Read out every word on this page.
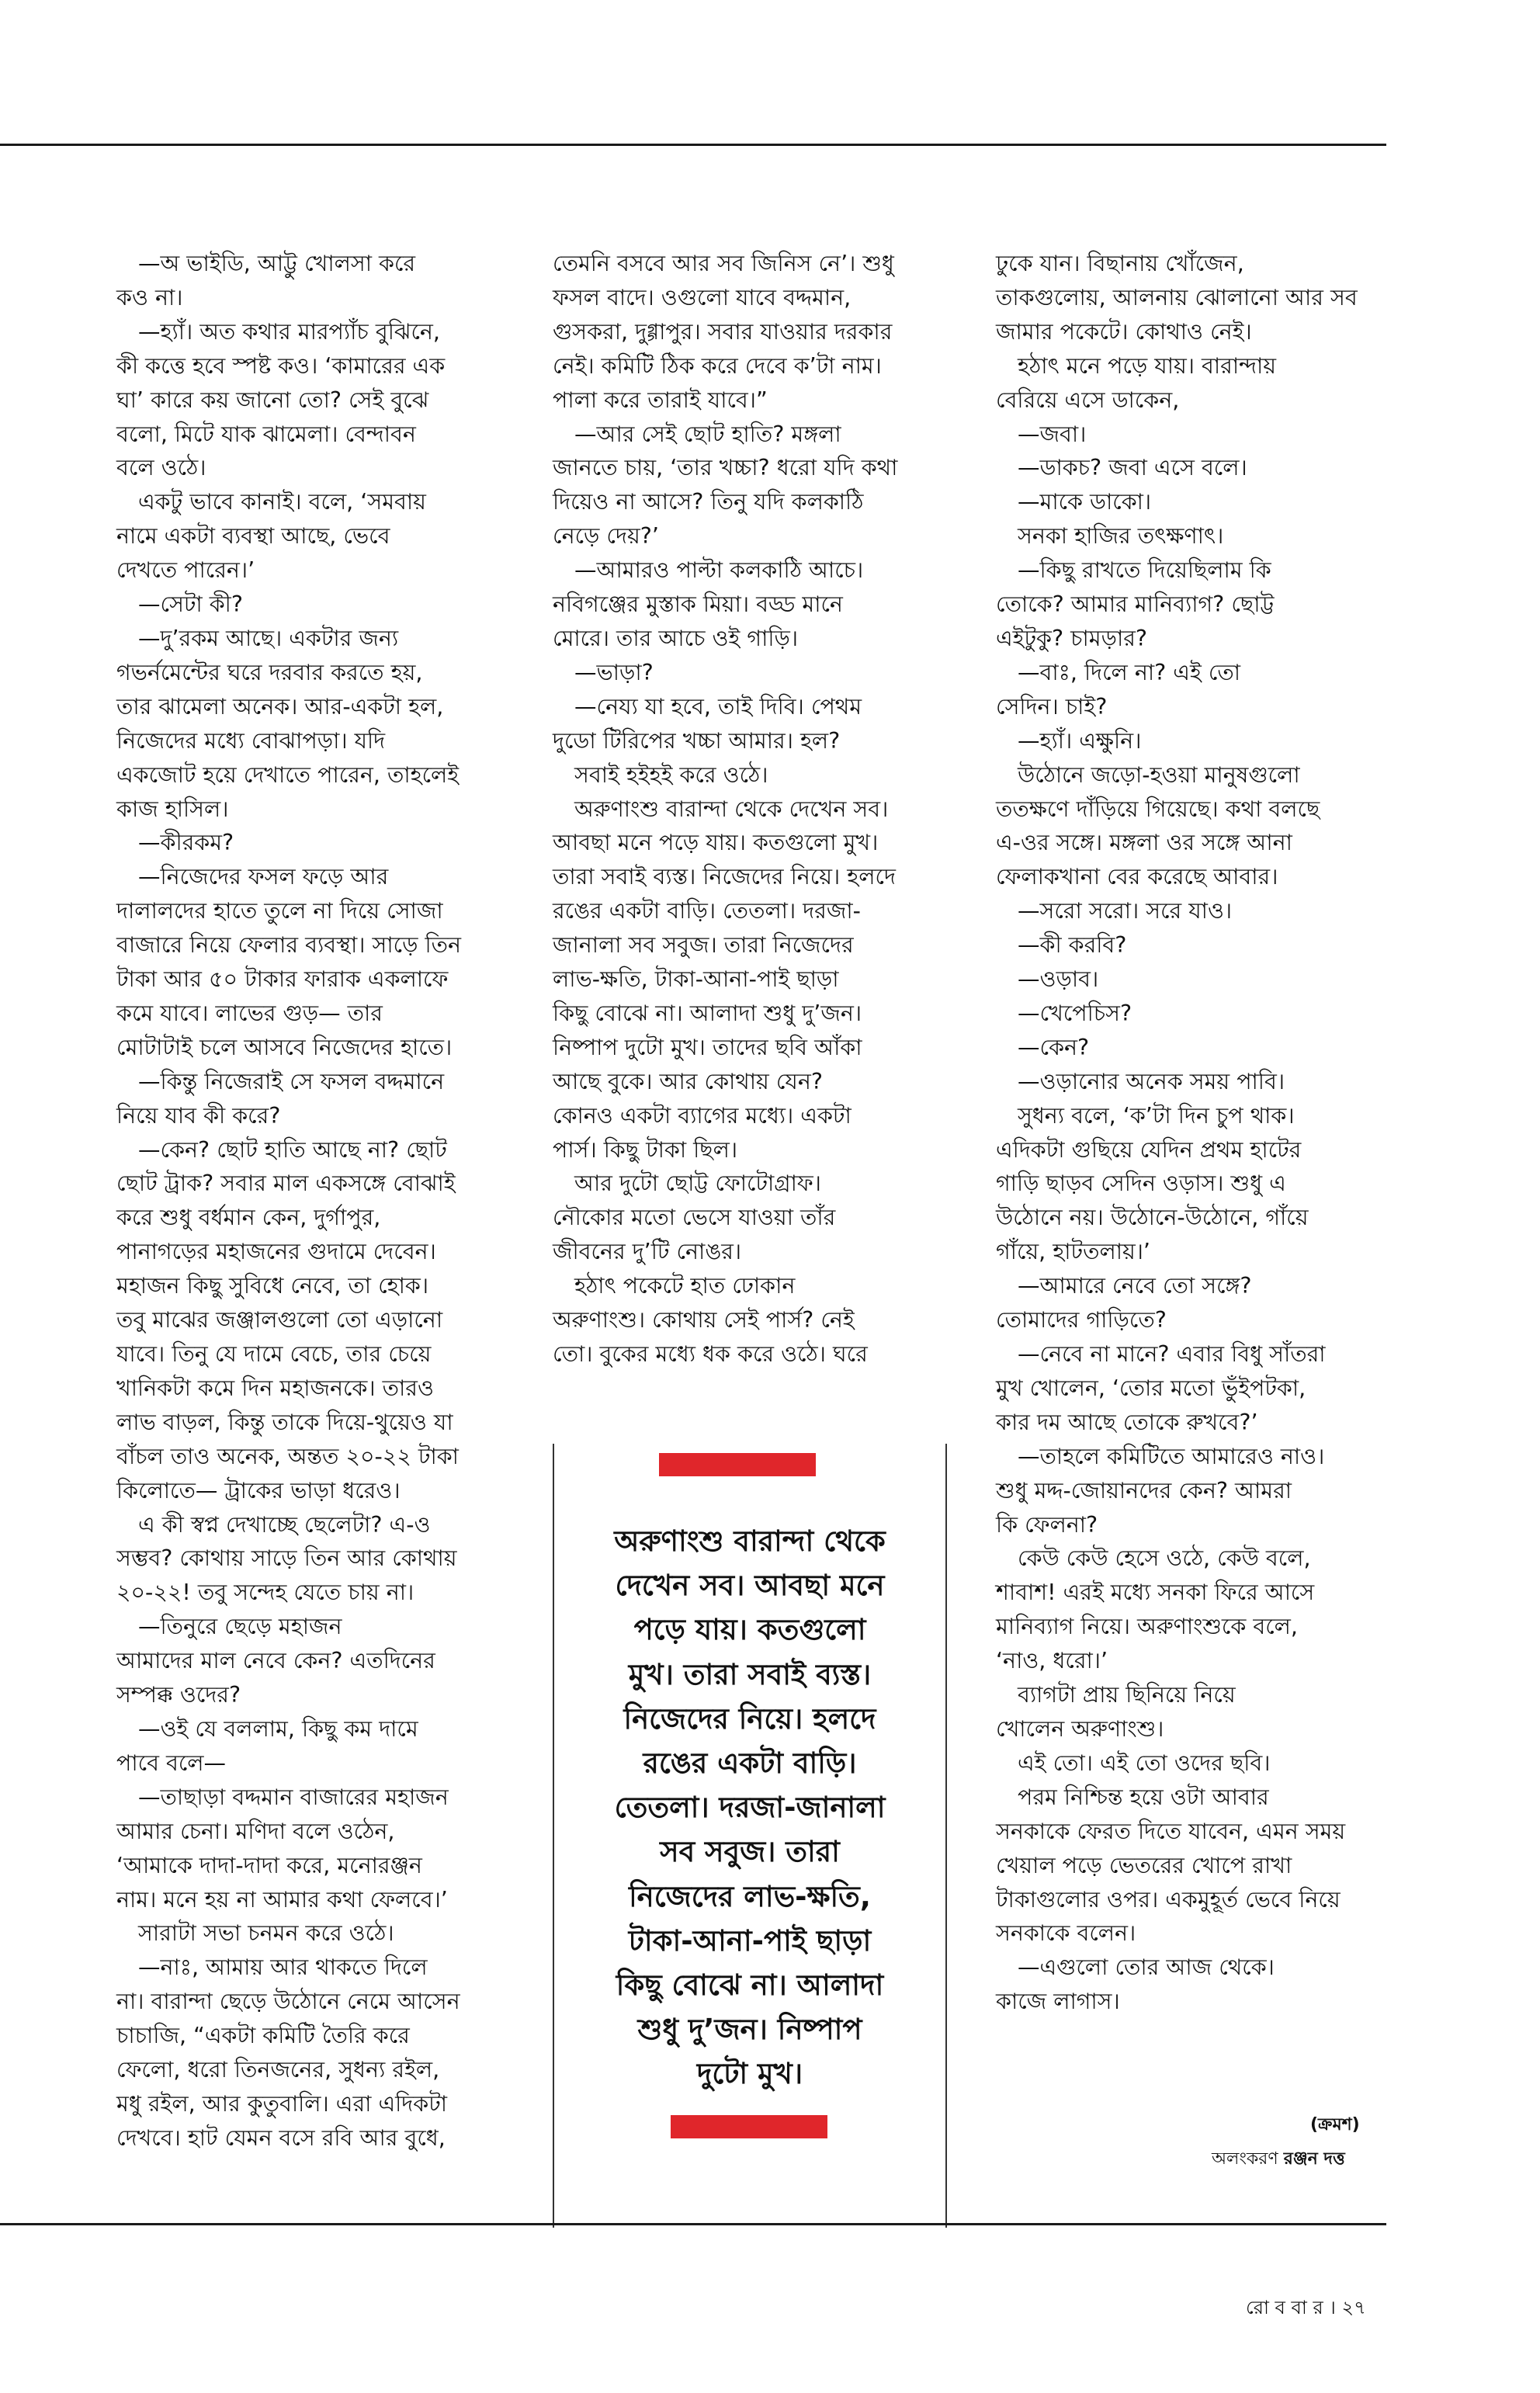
—অ ভাইডি, আট্টু খোলসা করে
কও না।
—হ্যাঁ। অত কথার মারপ্যাঁচ বুঝিনে,
কী কত্তে হবে স্পষ্ট কও। ‘কামারের এক
ঘা’ কারে কয় জানো তো? সেই বুঝে
বলো, মিটে যাক ঝামেলা। বেন্দাবন
বলে ওঠে।
একটু ভাবে কানাই। বলে, ‘সমবায়
নামে একটা ব্যবস্থা আছে, ভেবে
দেখতে পারেন।’
—সেটা কী?
—দু’রকম আছে। একটার জন্য
গভর্নমেন্টের ঘরে দরবার করতে হয়,
তার ঝামেলা অনেক। আর-একটা হল,
নিজেদের মধ্যে বোঝাপড়া। যদি
একজোট হয়ে দেখাতে পারেন, তাহলেই
কাজ হাসিল।
—কীরকম?
—নিজেদের ফসল ফড়ে আর
দালালদের হাতে তুলে না দিয়ে সোজা
বাজারে নিয়ে ফেলার ব্যবস্থা। সাড়ে তিন
টাকা আর ৫০ টাকার ফারাক একলাফে
কমে যাবে। লাভের গুড়— তার
মোটাটাই চলে আসবে নিজেদের হাতে।
—কিন্তু নিজেরাই সে ফসল বদ্দমানে
নিয়ে যাব কী করে?
—কেন? ছোট হাতি আছে না? ছোট
ছোট ট্রাক? সবার মাল একসঙ্গে বোঝাই
করে শুধু বর্ধমান কেন, দুর্গাপুর,
পানাগড়ের মহাজনের গুদামে দেবেন।
মহাজন কিছু সুবিধে নেবে, তা হোক।
তবু মাঝের জঞ্জালগুলো তো এড়ানো
যাবে। তিনু যে দামে বেচে, তার চেয়ে
খানিকটা কমে দিন মহাজনকে। তারও
লাভ বাড়ল, কিন্তু তাকে দিয়ে-থুয়েও যা
বাঁচল তাও অনেক, অন্তত ২০-২২ টাকা
কিলোতে— ট্রাকের ভাড়া ধরেও।
এ কী স্বপ্ন দেখাচ্ছে ছেলেটা? এ-ও
সম্ভব? কোথায় সাড়ে তিন আর কোথায়
২০-২২! তবু সন্দেহ যেতে চায় না।
—তিনুরে ছেড়ে মহাজন
আমাদের মাল নেবে কেন? এতদিনের
সম্পক্ক ওদের?
—ওই যে বললাম, কিছু কম দামে
পাবে বলে—
—তাছাড়া বদ্দমান বাজারের মহাজন
আমার চেনা। মণিদা বলে ওঠেন,
‘আমাকে দাদা-দাদা করে, মনোরঞ্জন
নাম। মনে হয় না আমার কথা ফেলবে।’
সারাটা সভা চনমন করে ওঠে।
—নাঃ, আমায় আর থাকতে দিলে
না। বারান্দা ছেড়ে উঠোনে নেমে আসেন
চাচাজি, “একটা কমিটি তৈরি করে
ফেলো, ধরো তিনজনের, সুধন্য রইল,
মধু রইল, আর কুতুবালি। এরা এদিকটা
দেখবে। হাট যেমন বসে রবি আর বুধে,
তেমনি বসবে আর সব জিনিস নে’। শুধু
ফসল বাদে। ওগুলো যাবে বদ্দমান,
গুসকরা, দুগ্গাপুর। সবার যাওয়ার দরকার
নেই। কমিটি ঠিক করে দেবে ক’টা নাম।
পালা করে তারাই যাবে।”
—আর সেই ছোট হাতি? মঙ্গলা
জানতে চায়, ‘তার খচ্চা? ধরো যদি কথা
দিয়েও না আসে? তিনু যদি কলকাঠি
নেড়ে দেয়?’
—আমারও পাল্টা কলকাঠি আচে।
নবিগঞ্জের মুস্তাক মিয়া। বড্ড মানে
মোরে। তার আচে ওই গাড়ি।
—ভাড়া?
—নেয্য যা হবে, তাই দিবি। পেথম
দুডো টিরিপের খচ্চা আমার। হল?
সবাই হইহই করে ওঠে।
অরুণাংশু বারান্দা থেকে দেখেন সব।
আবছা মনে পড়ে যায়। কতগুলো মুখ।
তারা সবাই ব্যস্ত। নিজেদের নিয়ে। হলদে
রঙের একটা বাড়ি। তেতলা। দরজা-
জানালা সব সবুজ। তারা নিজেদের
লাভ-ক্ষতি, টাকা-আনা-পাই ছাড়া
কিছু বোঝে না। আলাদা শুধু দু’জন।
নিষ্পাপ দুটো মুখ। তাদের ছবি আঁকা
আছে বুকে। আর কোথায় যেন?
কোনও একটা ব্যাগের মধ্যে। একটা
পার্স। কিছু টাকা ছিল।
আর দুটো ছোট্ট ফোটোগ্রাফ।
নৌকোর মতো ভেসে যাওয়া তাঁর
জীবনের দু’টি নোঙর।
হঠাৎ পকেটে হাত ঢোকান
অরুণাংশু। কোথায় সেই পার্স? নেই
তো। বুকের মধ্যে ধক করে ওঠে। ঘরে
ঢুকে যান। বিছানায় খোঁজেন,
তাকগুলোয়, আলনায় ঝোলানো আর সব
জামার পকেটে। কোথাও নেই।
হঠাৎ মনে পড়ে যায়। বারান্দায়
বেরিয়ে এসে ডাকেন,
—জবা।
—ডাকচ? জবা এসে বলে।
—মাকে ডাকো।
সনকা হাজির তৎক্ষণাৎ।
—কিছু রাখতে দিয়েছিলাম কি
তোকে? আমার মানিব্যাগ? ছোট্ট
এইটুকু? চামড়ার?
—বাঃ, দিলে না? এই তো
সেদিন। চাই?
—হ্যাঁ। এক্ষুনি।
উঠোনে জড়ো-হওয়া মানুষগুলো
ততক্ষণে দাঁড়িয়ে গিয়েছে। কথা বলছে
এ-ওর সঙ্গে। মঙ্গলা ওর সঙ্গে আনা
ফেলাকখানা বের করেছে আবার।
—সরো সরো। সরে যাও।
—কী করবি?
—ওড়াব।
—খেপেচিস?
—কেন?
—ওড়ানোর অনেক সময় পাবি।
সুধন্য বলে, ‘ক’টা দিন চুপ থাক।
এদিকটা গুছিয়ে যেদিন প্রথম হাটের
গাড়ি ছাড়ব সেদিন ওড়াস। শুধু এ
উঠোনে নয়। উঠোনে-উঠোনে, গাঁয়ে
গাঁয়ে, হাটতলায়।’
—আমারে নেবে তো সঙ্গে?
তোমাদের গাড়িতে?
—নেবে না মানে? এবার বিধু সাঁতরা
মুখ খোলেন, ‘তোর মতো ভুঁইপটকা,
কার দম আছে তোকে রুখবে?’
—তাহলে কমিটিতে আমারেও নাও।
শুধু মদ্দ-জোয়ানদের কেন? আমরা
কি ফেলনা?
কেউ কেউ হেসে ওঠে, কেউ বলে,
শাবাশ! এরই মধ্যে সনকা ফিরে আসে
মানিব্যাগ নিয়ে। অরুণাংশুকে বলে,
‘নাও, ধরো।’
ব্যাগটা প্রায় ছিনিয়ে নিয়ে
খোলেন অরুণাংশু।
এই তো। এই তো ওদের ছবি।
পরম নিশ্চিন্ত হয়ে ওটা আবার
সনকাকে ফেরত দিতে যাবেন, এমন সময়
খেয়াল পড়ে ভেতরের খোপে রাখা
টাকাগুলোর ওপর। একমুহূর্ত ভেবে নিয়ে
সনকাকে বলেন।
—এগুলো তোর আজ থেকে।
কাজে লাগাস।
অরুণাংশু বারান্দা থেকে
দেখেন সব। আবছা মনে
পড়ে যায়। কতগুলো
মুখ। তারা সবাই ব্যস্ত।
নিজেদের নিয়ে। হলদে
রঙের একটা বাড়ি।
তেতলা। দরজা-জানালা
সব সবুজ। তারা
নিজেদের লাভ-ক্ষতি,
টাকা-আনা-পাই ছাড়া
কিছু বোঝে না। আলাদা
শুধু দু’জন। নিষ্পাপ
দুটো মুখ।
(ক্রমশ)
অলংকরণ রঞ্জন দত্ত
রো ব বা র । ২৭
